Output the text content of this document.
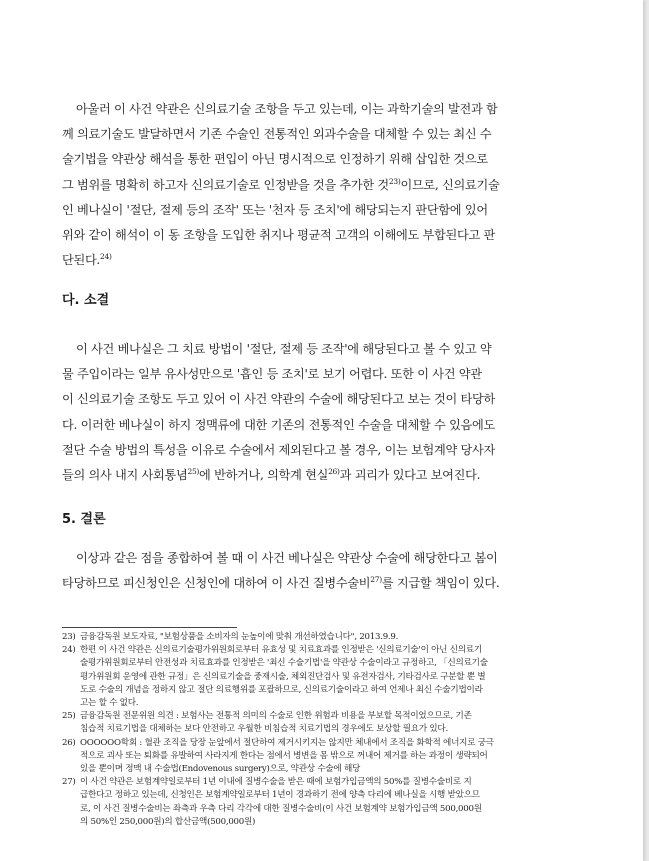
아울러 이 사건 약관은 신의료기술 조항을 두고 있는데, 이는 과학기술의 발전과 함
께 의료기술도 발달하면서 기존 수술인 전통적인 외과수술을 대체할 수 있는 최신 수
술기법을 약관상 해석을 통한 편입이 아닌 명시적으로 인정하기 위해 삽입한 것으로
그 범위를 명확히 하고자 신의료기술로 인정받을 것을 추가한 것$^{23)}$이므로, 신의료기술
인 베나실이 '절단, 절제 등의 조작' 또는 '천자 등 조치'에 해당되는지 판단함에 있어
위와 같이 해석이 이 동 조항을 도입한 취지나 평균적 고객의 이해에도 부합된다고 판
단된다.$^{24)}$

다. 소결

이 사건 베나실은 그 치료 방법이 '절단, 절제 등 조작'에 해당된다고 볼 수 있고 약
물 주입이라는 일부 유사성만으로 '흡인 등 조치'로 보기 어렵다. 또한 이 사건 약관
이 신의료기술 조항도 두고 있어 이 사건 약관의 수술에 해당된다고 보는 것이 타당하
다. 이러한 베나실이 하지 정맥류에 대한 기존의 전통적인 수술을 대체할 수 있음에도
절단 수술 방법의 특성을 이유로 수술에서 제외된다고 볼 경우, 이는 보험계약 당사자
들의 의사 내지 사회통념$^{25)}$에 반하거나, 의학계 현실$^{26)}$과 괴리가 있다고 보여진다.

5. 결론

이상과 같은 점을 종합하여 볼 때 이 사건 베나실은 약관상 수술에 해당한다고 봄이
타당하므로 피신청인은 신청인에 대하여 이 사건 질병수술비$^{27)}$를 지급할 책임이 있다.

23) 금융감독원 보도자료, "보험상품을 소비자의 눈높이에 맞춰 개선하였습니다", 2013.9.9.
24) 한편 이 사건 약관은 신의료기술평가위원회로부터 유효성 및 치료효과를 인정받은 '신의료기술'이 아닌 신의료기
술평가위원회로부터 안전성과 치료효과를 인정받은 '최신 수술기법'을 약관상 수술이라고 규정하고, 「신의료기술
평가위원회 운영에 관한 규정」은 신의료기술을 중재시술, 체외진단검사 및 유전자검사, 기타검사로 구분할 뿐 별
도로 수술의 개념을 정하지 않고 절단 의료행위를 포괄하므로, 신의료기술이라고 하여 언제나 최신 수술기법이라
고는 할 수 없다.
25) 금융감독원 전문위원 의견 : 보험사는 전통적 의미의 수술로 인한 위험과 비용을 부보할 목적이었으므로, 기존
침습적 치료기법을 대체하는 보다 안전하고 우월한 비침습적 치료기법의 경우에도 보상할 필요가 있다.
26) OOOOOO학회 : 혈관 조직을 당장 눈앞에서 절단하여 제거시키지는 않지만 체내에서 조직을 화학적 에너지로 궁극
적으로 괴사 또는 퇴화를 유발하여 사라지게 한다는 점에서 병변을 몸 밖으로 꺼내어 제거를 하는 과정이 생략되어
있을 뿐이며 정맥 내 수술법(Endovenous surgery)으로, 약관상 수술에 해당
27) 이 사건 약관은 보험계약일로부터 1년 이내에 질병수술을 받은 때에 보험가입금액의 50%를 질병수술비로 지
급한다고 정하고 있는데, 신청인은 보험계약일로부터 1년이 경과하기 전에 양측 다리에 베나실을 시행 받았으므
로, 이 사건 질병수술비는 좌측과 우측 다리 각각에 대한 질병수술비(이 사건 보험계약 보험가입금액 500,000원
의 50%인 250,000원)의 합산금액(500,000원)
